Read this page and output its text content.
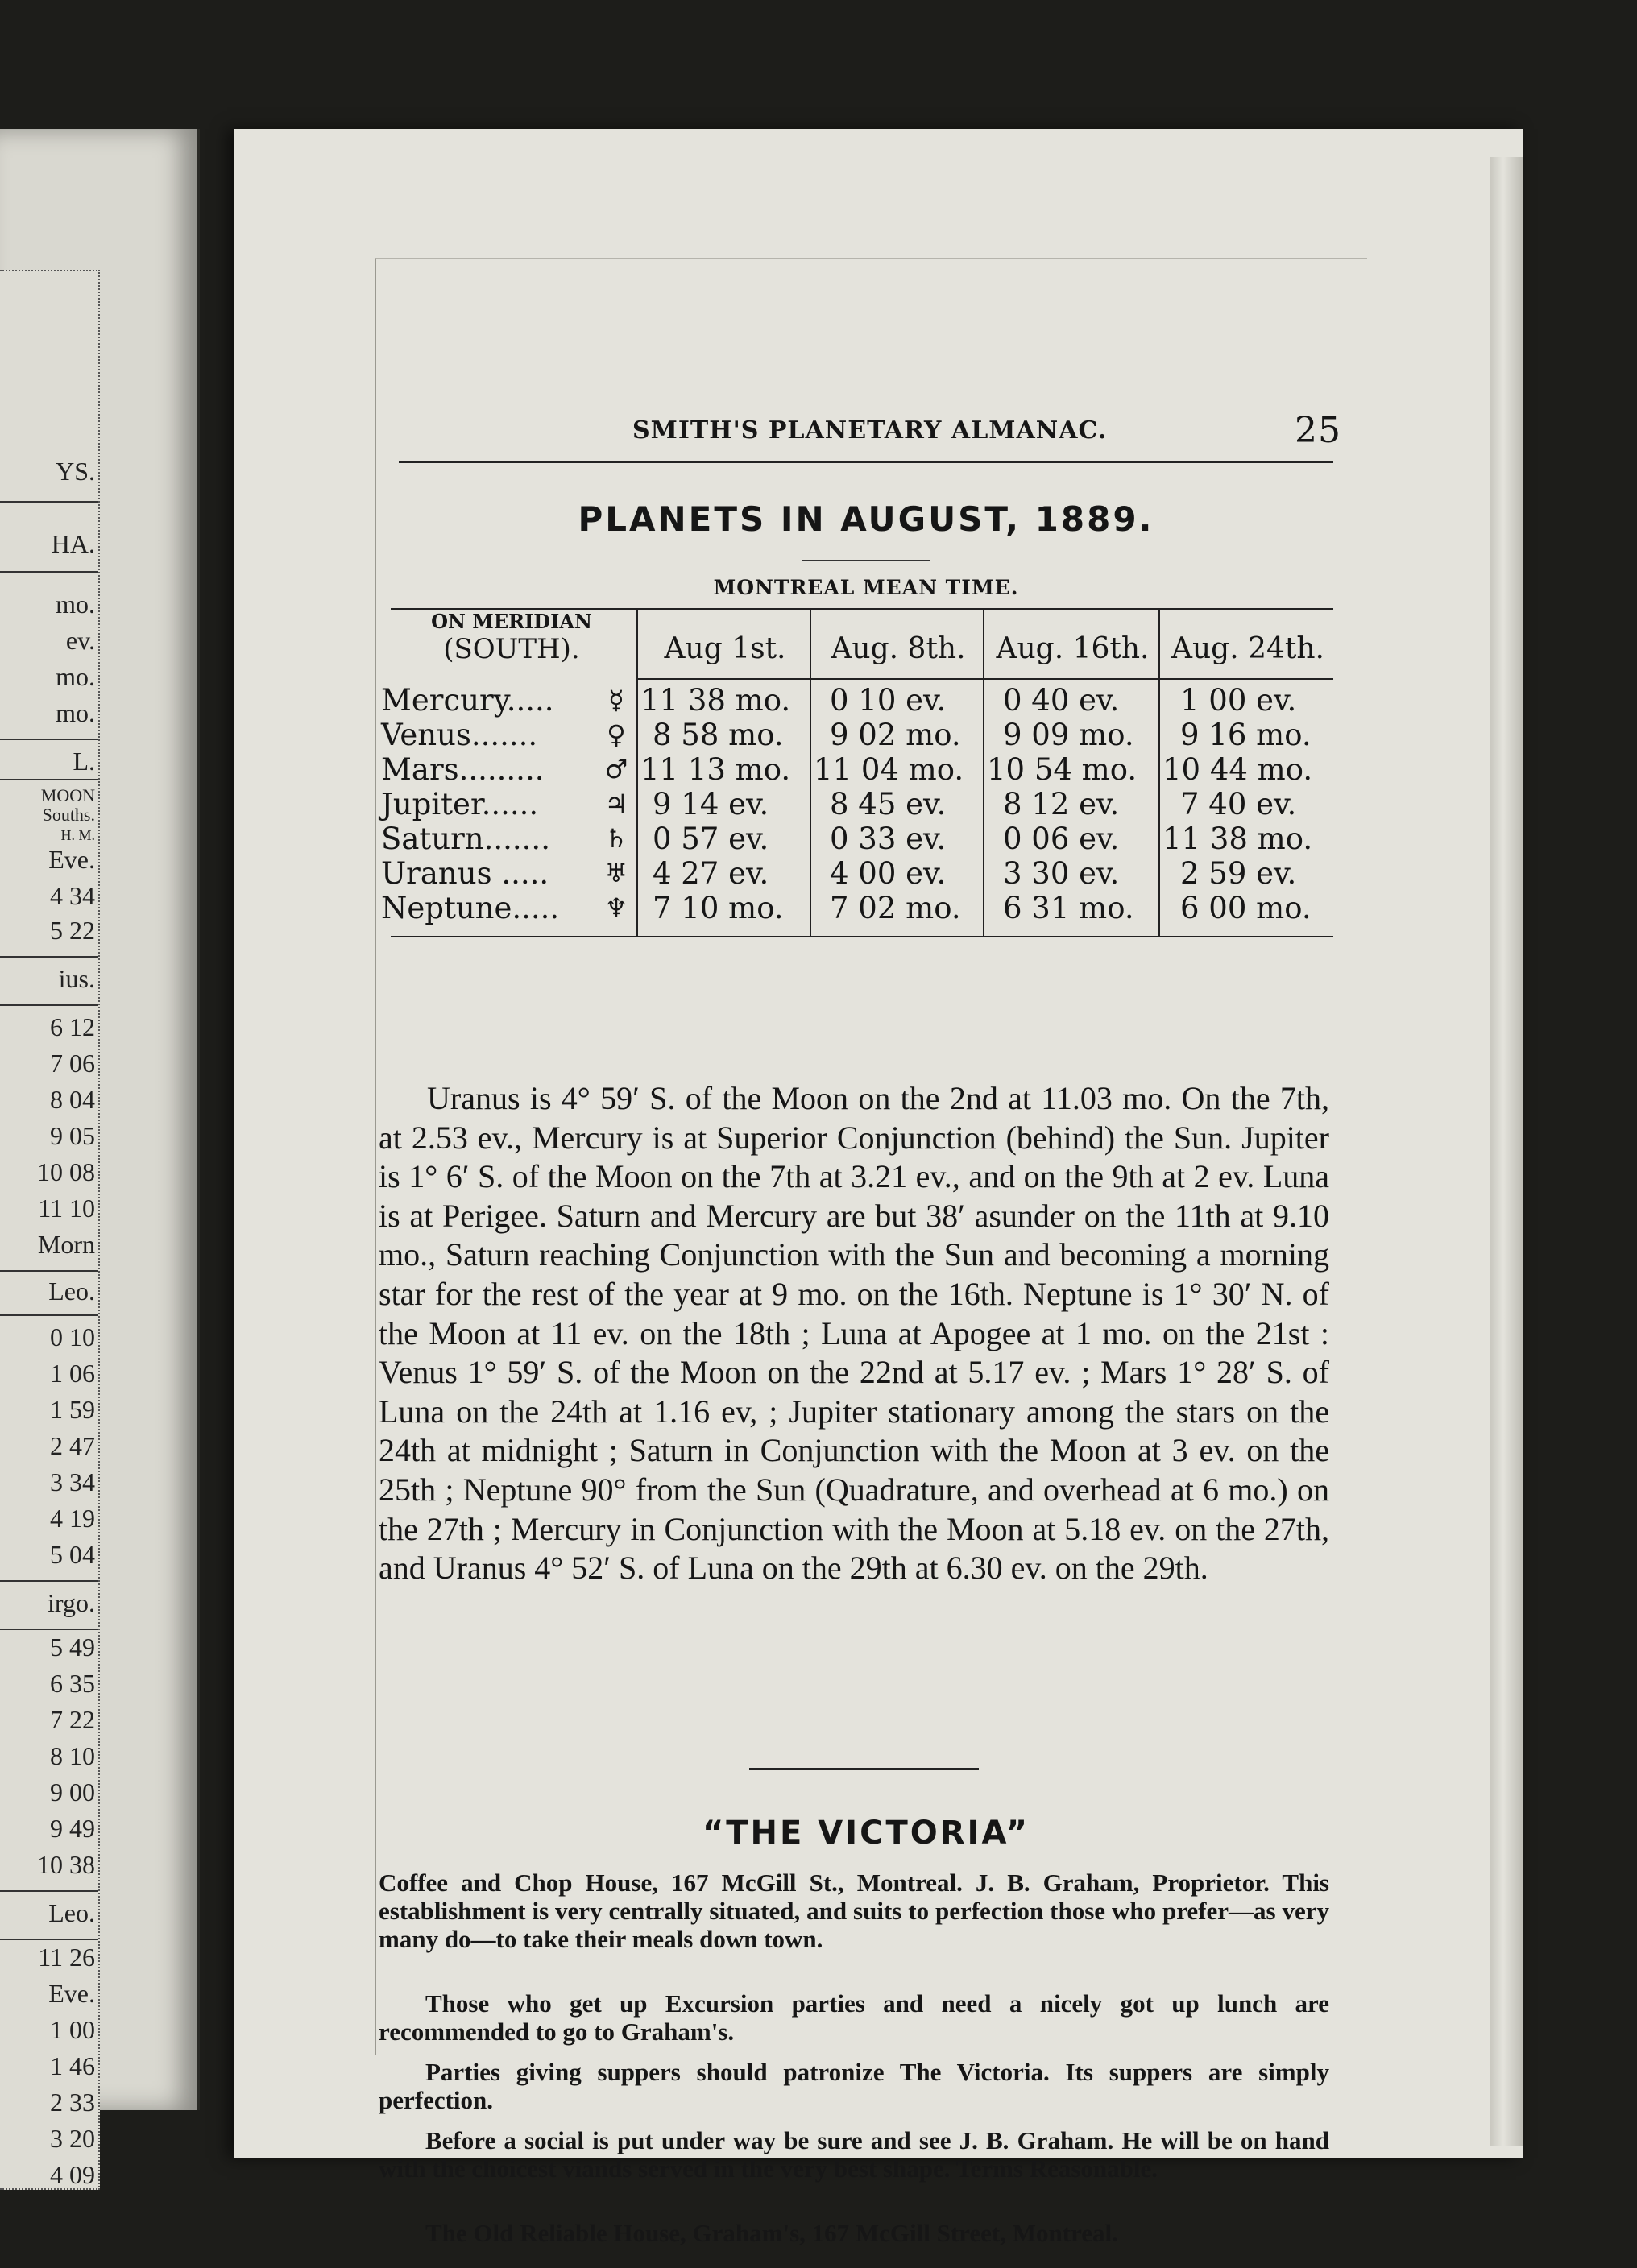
YS.
HA.
mo.
ev.
mo.
mo.
L.
MOON
Souths.
H. M.
Eve.
4 34
5 22
ius.
6 12
7 06
8 04
9 05
10 08
11 10
Morn
Leo.
0 10
1 06
1 59
2 47
3 34
4 19
5 04
irgo.
5 49
6 35
7 22
8 10
9 00
9 49
10 38
Leo.
11 26
Eve.
1 00
1 46
2 33
3 20
4 09
SMITH'S PLANETARY ALMANAC.	25
PLANETS IN AUGUST, 1889.
MONTREAL MEAN TIME.
ON MERIDIAN
(SOUTH).	Aug 1st.	Aug. 8th.	Aug. 16th. Aug. 24th.
Mercury.....	☿ 11 38 mo.	0 10 ev.	0 40 ev.	1 00 ev.
Venus.......	♀ 8 58 mo.	9 02 mo.	9 09 mo.	9 16 mo.
Mars.........	♂ 11 13 mo. 11 04 mo. 10 54 mo. 10 44 mo.
Jupiter......	♃ 9 14 ev.	8 45 ev.	8 12 ev.	7 40 ev.
Saturn.......	♄ 0 57 ev.	0 33 ev.	0 06 ev.	11 38 mo.
Uranus .....	♅ 4 27 ev.	4 00 ev.	3 30 ev.	2 59 ev.
Neptune.....	♆ 7 10 mo.	7 02 mo.	6 31 mo.	6 00 mo.
Uranus is 4° 59′ S. of the Moon on the 2nd at 11.03 mo. On the 7th, at 2.53 ev., Mercury is at Superior Conjunction (behind) the Sun. Jupiter is 1° 6′ S. of the Moon on the 7th at 3.21 ev., and on the 9th at 2 ev. Luna is at Perigee. Saturn and Mercury are but 38′ asunder on the 11th at 9.10 mo., Saturn reaching Conjunction with the Sun and becoming a morning star for the rest of the year at 9 mo. on the 16th. Neptune is 1° 30′ N. of the Moon at 11 ev. on the 18th ; Luna at Apogee at 1 mo. on the 21st : Venus 1° 59′ S. of the Moon on the 22nd at 5.17 ev. ; Mars 1° 28′ S. of Luna on the 24th at 1.16 ev, ; Jupiter stationary among the stars on the 24th at midnight ; Saturn in Conjunction with the Moon at 3 ev. on the 25th ; Neptune 90° from the Sun (Quadrature, and overhead at 6 mo.) on the 27th ; Mercury in Conjunction with the Moon at 5.18 ev. on the 27th, and Uranus 4° 52′ S. of Luna on the 29th at 6.30 ev. on the 29th.
“THE VICTORIA”
Coffee and Chop House, 167 McGill St., Montreal. J. B. Graham, Proprietor. This establishment is very centrally situated, and suits to perfection those who prefer—as very many do—to take their meals down town.
Those who get up Excursion parties and need a nicely got up lunch are recommended to go to Graham's.
Parties giving suppers should patronize The Victoria. Its suppers are simply perfection.
Before a social is put under way be sure and see J. B. Graham. He will be on hand with the choicest viands served in the very best shape. Terms Reasonable.
The Old Reliable House, Graham's, 167 McGill Street, Montreal.
